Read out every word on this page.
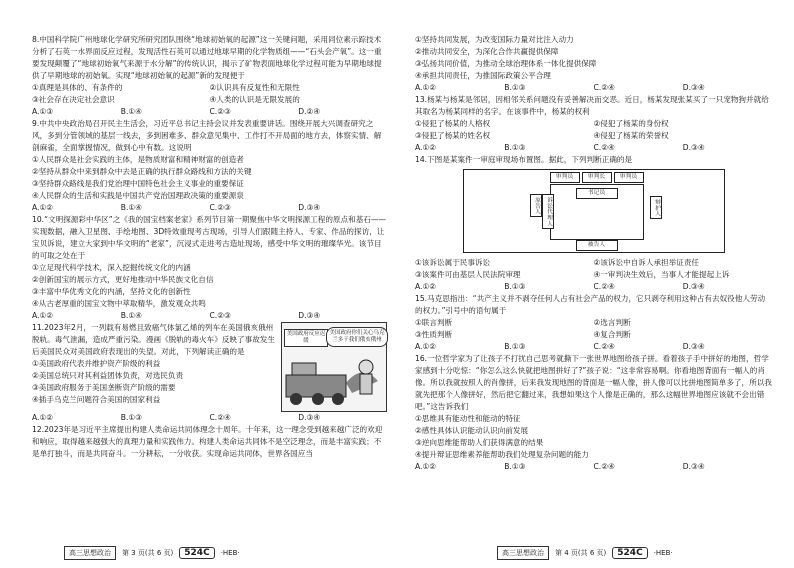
8.中国科学院广州地球化学研究所研究团队围绕“地球初始氧的起源”这一关键问题，采用同位素示踪技术分析了石英一水界面反应过程，发现活性石英可以通过地球早期的化学物质组——“石头会产氧”。这一重要发现颠覆了“地球初始氧气来源于水分解”的传统认识，揭示了矿物表面地球化学过程可能为早期地球提供了早期地球的初始氧。实现“地球初始氧的起源”新的发现便于

①真理是具体的、有条件的	②认识具有反复性和无限性
③社会存在决定社会意识	④人类的认识是无限发展的
A.①③	B.①④	C.②③	D.②④

9.中共中央政治局召开民主生活会，习近平总书记主持会议并发表重要讲话。围绕开展大兴调查研究之风，多到分管领域的基层一线去，多到困难多、群众意见集中、工作打不开局面的地方去，体察实情、解剖麻雀，全面掌握情况，做到心中有数。这说明

①人民群众是社会实践的主体，是物质财富和精神财富的创造者
②坚持从群众中来到群众中去是正确的执行群众路线和方法的关键
③坚持群众路线是我们党治理中国特色社会主义事业的重要保证
④人民群众的生活和实践是中国共产党治国理政决策的重要源泉
A.①②	B.①④	C.②③	D.③④

10.“文明探源彩中华区”之《我的国宝档案老家》系列节目第一期聚焦中华文明探源工程的原点和基石——实现数据，融入卫星图、手绘地图、3D特效重现考古现场，引导人们跟随主持人、专家、作品的探访，让宝贝诉说，建立大家到中华文明的“老家”，沉浸式走进考古造址现场，感受中华文明的璀璨华光。该节目的可取之处在于

①立足现代科学技术，深入挖掘传统文化的内涵
②创新国宝的展示方式，更好地推动中华民族文化自信
③丰富中华优秀文化的内涵，坚持文化的创新性
④从古老厚重的国宝文物中萃取精华，激发观众共鸣
A.①②	B.①④	C.②③	D.③④

11.2023年2月，一列载有易燃且致癌气体氯乙烯的列车在美国俄亥俄州脱轨。毒气泄漏，造成严重污染。漫画《脱轨的毒火车》反映了事故发生后美国民众对美国政府表现出的失望。对此，下列解读正确的是

①美国政府代表并维护资产阶级的利益
②美国总统只对其利益团体负责，对选民负责
③美国政府服务于美国垄断资产阶级的需要
④插手乌克兰问题符合美国的国家利益
美国政府反应迟缓
美国政府你们关心乌克兰多于我们俄亥俄州
A.①②	B.①③	C.②④	D.③④

12.2023年是习近平主席提出构建人类命运共同体理念十周年。十年来，这一理念受到越来越广泛的欢迎和响应，取得越来越强大的真理力量和实践伟力。构建人类命运共同体不是空泛理念，而是丰富实践；不是单打独斗，而是共同奋斗。一分耕耘，一分收获。实现命运共同体，世界各国应当

高三思想政治	第 3 页(共 6 页)	524C	·HEB·
①坚持共同发展，为改变国际力量对比注入动力
②推动共同安全，为深化合作共赢提供保障
③弘扬共同价值，为推动全球治理体系一体化提供保障
④承担共同责任，为推国际政策公平合理
A.①②	B.①③	C.②④	D.③④

13.杨某与杨某是邻居，因相邻关系问题没有妥善解决而交恶。近日，杨某发现张某买了一只宠物狗并就给其取名为杨某同样的名字。在该事件中，杨某的权利

①侵犯了杨某的人格权	②侵犯了杨某的身份权
③侵犯了杨某的姓名权	④侵犯了杨某的荣誉权
A.①②	B.①③	C.②④	D.③④

14.下图是某案件一审庭审现场布置图。据此，下列判断正确的是

审判员	审判长	审判员
书记员
原告人	诉讼代理人	辩护人
被告人
①该诉讼属于民事诉讼	②该诉讼中自诉人承担举证责任
③该案件可由基层人民法院审理	④一审判决生效后，当事人才能提起上诉
A.①②	B.①③	C.②④	D.③④

15.马克思指出：“共产主义并不剥夺任何人占有社会产品的权力，它只剥夺利用这种占有去奴役他人劳动的权力。”引号中的语句属于

①联言判断	②选言判断
③性质判断	④复合判断
A.①②	B.①③	C.②④	D.③④

16.一位哲学家为了让孩子不打扰自己思考就撕下一张世界地图给孩子拼。看着孩子手中拼好的地图，哲学家感到十分吃惊：“你怎么这么快就把地图拼好了?”孩子说：“这非常容易啊。你看地图背面有一幅人的肖像。所以我就按照人的肖像拼，后来我发现地图的背面是一幅人像，拼人像可以比拼地图简单多了，所以我就先把那个人像拼好，然后把它翻过来，我想如果这个人像是正确的，那么这幅世界地图应该就不会出错吧。”这告诉我们

①思维具有能动性和能动的特征
②感性具体认识能动认识向前发展
③逆向思维能帮助人们获得满意的结果
④提升辩证思维素养能帮助我们处理复杂问题的能力
A.①②	B.①③	C.②④	D.③④
高三思想政治	第 4 页(共 6 页)	524C	·HEB·
